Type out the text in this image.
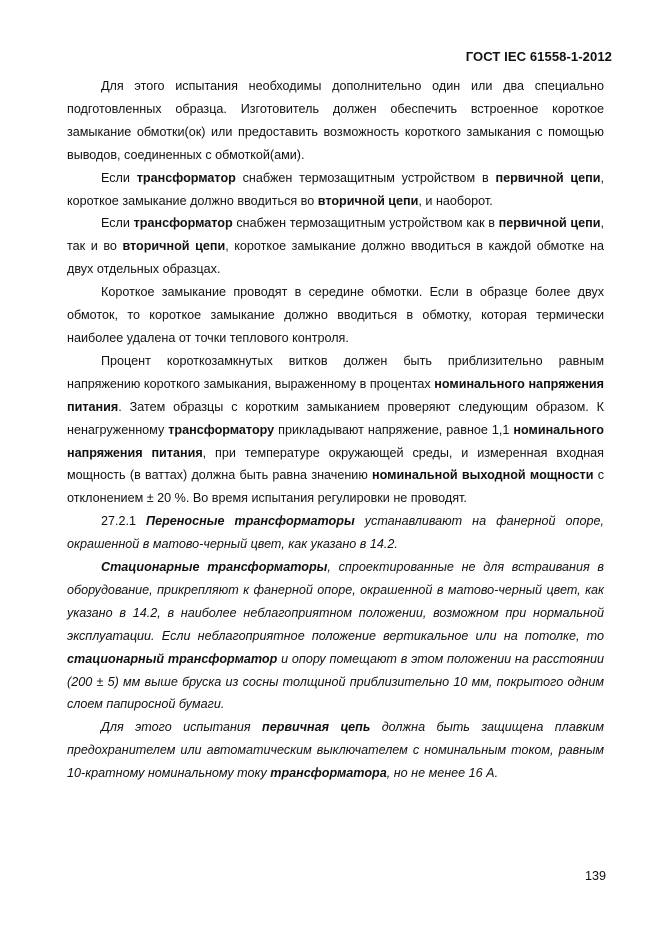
ГОСТ IEC 61558-1-2012

Для этого испытания необходимы дополнительно один или два специально подготовленных образца. Изготовитель должен обеспечить встроенное короткое замыкание обмотки(ок) или предоставить возможность короткого замыкания с помощью выводов, соединенных с обмоткой(ами).

Если трансформатор снабжен термозащитным устройством в первичной цепи, короткое замыкание должно вводиться во вторичной цепи, и наоборот.

Если трансформатор снабжен термозащитным устройством как в первичной цепи, так и во вторичной цепи, короткое замыкание должно вводиться в каждой обмотке на двух отдельных образцах.

Короткое замыкание проводят в середине обмотки. Если в образце более двух обмоток, то короткое замыкание должно вводиться в обмотку, которая термически наиболее удалена от точки теплового контроля.

Процент короткозамкнутых витков должен быть приблизительно равным напряжению короткого замыкания, выраженному в процентах номинального напряжения питания. Затем образцы с коротким замыканием проверяют следующим образом. К ненагруженному трансформатору прикладывают напряжение, равное 1,1 номинального напряжения питания, при температуре окружающей среды, и измеренная входная мощность (в ваттах) должна быть равна значению номинальной выходной мощности с отклонением ± 20 %. Во время испытания регулировки не проводят.

27.2.1 Переносные трансформаторы устанавливают на фанерной опоре, окрашенной в матово-черный цвет, как указано в 14.2.

Стационарные трансформаторы, спроектированные не для встраивания в оборудование, прикрепляют к фанерной опоре, окрашенной в матово-черный цвет, как указано в 14.2, в наиболее неблагоприятном положении, возможном при нормальной эксплуатации. Если неблагоприятное положение вертикальное или на потолке, то стационарный трансформатор и опору помещают в этом положении на расстоянии (200 ± 5) мм выше бруска из сосны толщиной приблизительно 10 мм, покрытого одним слоем папиросной бумаги.

Для этого испытания первичная цепь должна быть защищена плавким предохранителем или автоматическим выключателем с номинальным током, равным 10-кратному номинальному току трансформатора, но не менее 16 А.

139
